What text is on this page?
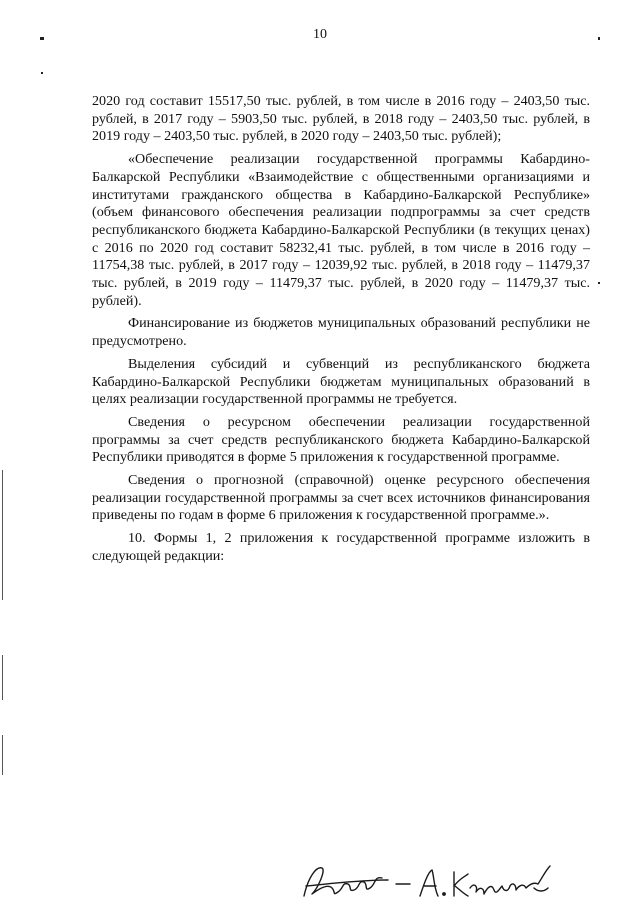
10

2020 год составит 15517,50 тыс. рублей, в том числе в 2016 году – 2403,50 тыс. рублей, в 2017 году – 5903,50 тыс. рублей, в 2018 году – 2403,50 тыс. рублей, в 2019 году – 2403,50 тыс. рублей, в 2020 году – 2403,50 тыс. рублей);

«Обеспечение реализации государственной программы Кабардино-Балкарской Республики «Взаимодействие с общественными организациями и институтами гражданского общества в Кабардино-Балкарской Республике» (объем финансового обеспечения реализации подпрограммы за счет средств республиканского бюджета Кабардино-Балкарской Республики (в текущих ценах) с 2016 по 2020 год составит 58232,41 тыс. рублей, в том числе в 2016 году – 11754,38 тыс. рублей, в 2017 году – 12039,92 тыс. рублей, в 2018 году – 11479,37 тыс. рублей, в 2019 году – 11479,37 тыс. рублей, в 2020 году – 11479,37 тыс. рублей).

Финансирование из бюджетов муниципальных образований республики не предусмотрено.

Выделения субсидий и субвенций из республиканского бюджета Кабардино-Балкарской Республики бюджетам муниципальных образований в целях реализации государственной программы не требуется.

Сведения о ресурсном обеспечении реализации государственной программы за счет средств республиканского бюджета Кабардино-Балкарской Республики приводятся в форме 5 приложения к государственной программе.

Сведения о прогнозной (справочной) оценке ресурсного обеспечения реализации государственной программы за счет всех источников финансирования приведены по годам в форме 6 приложения к государственной программе.».

10. Формы 1, 2 приложения к государственной программе изложить в следующей редакции:
